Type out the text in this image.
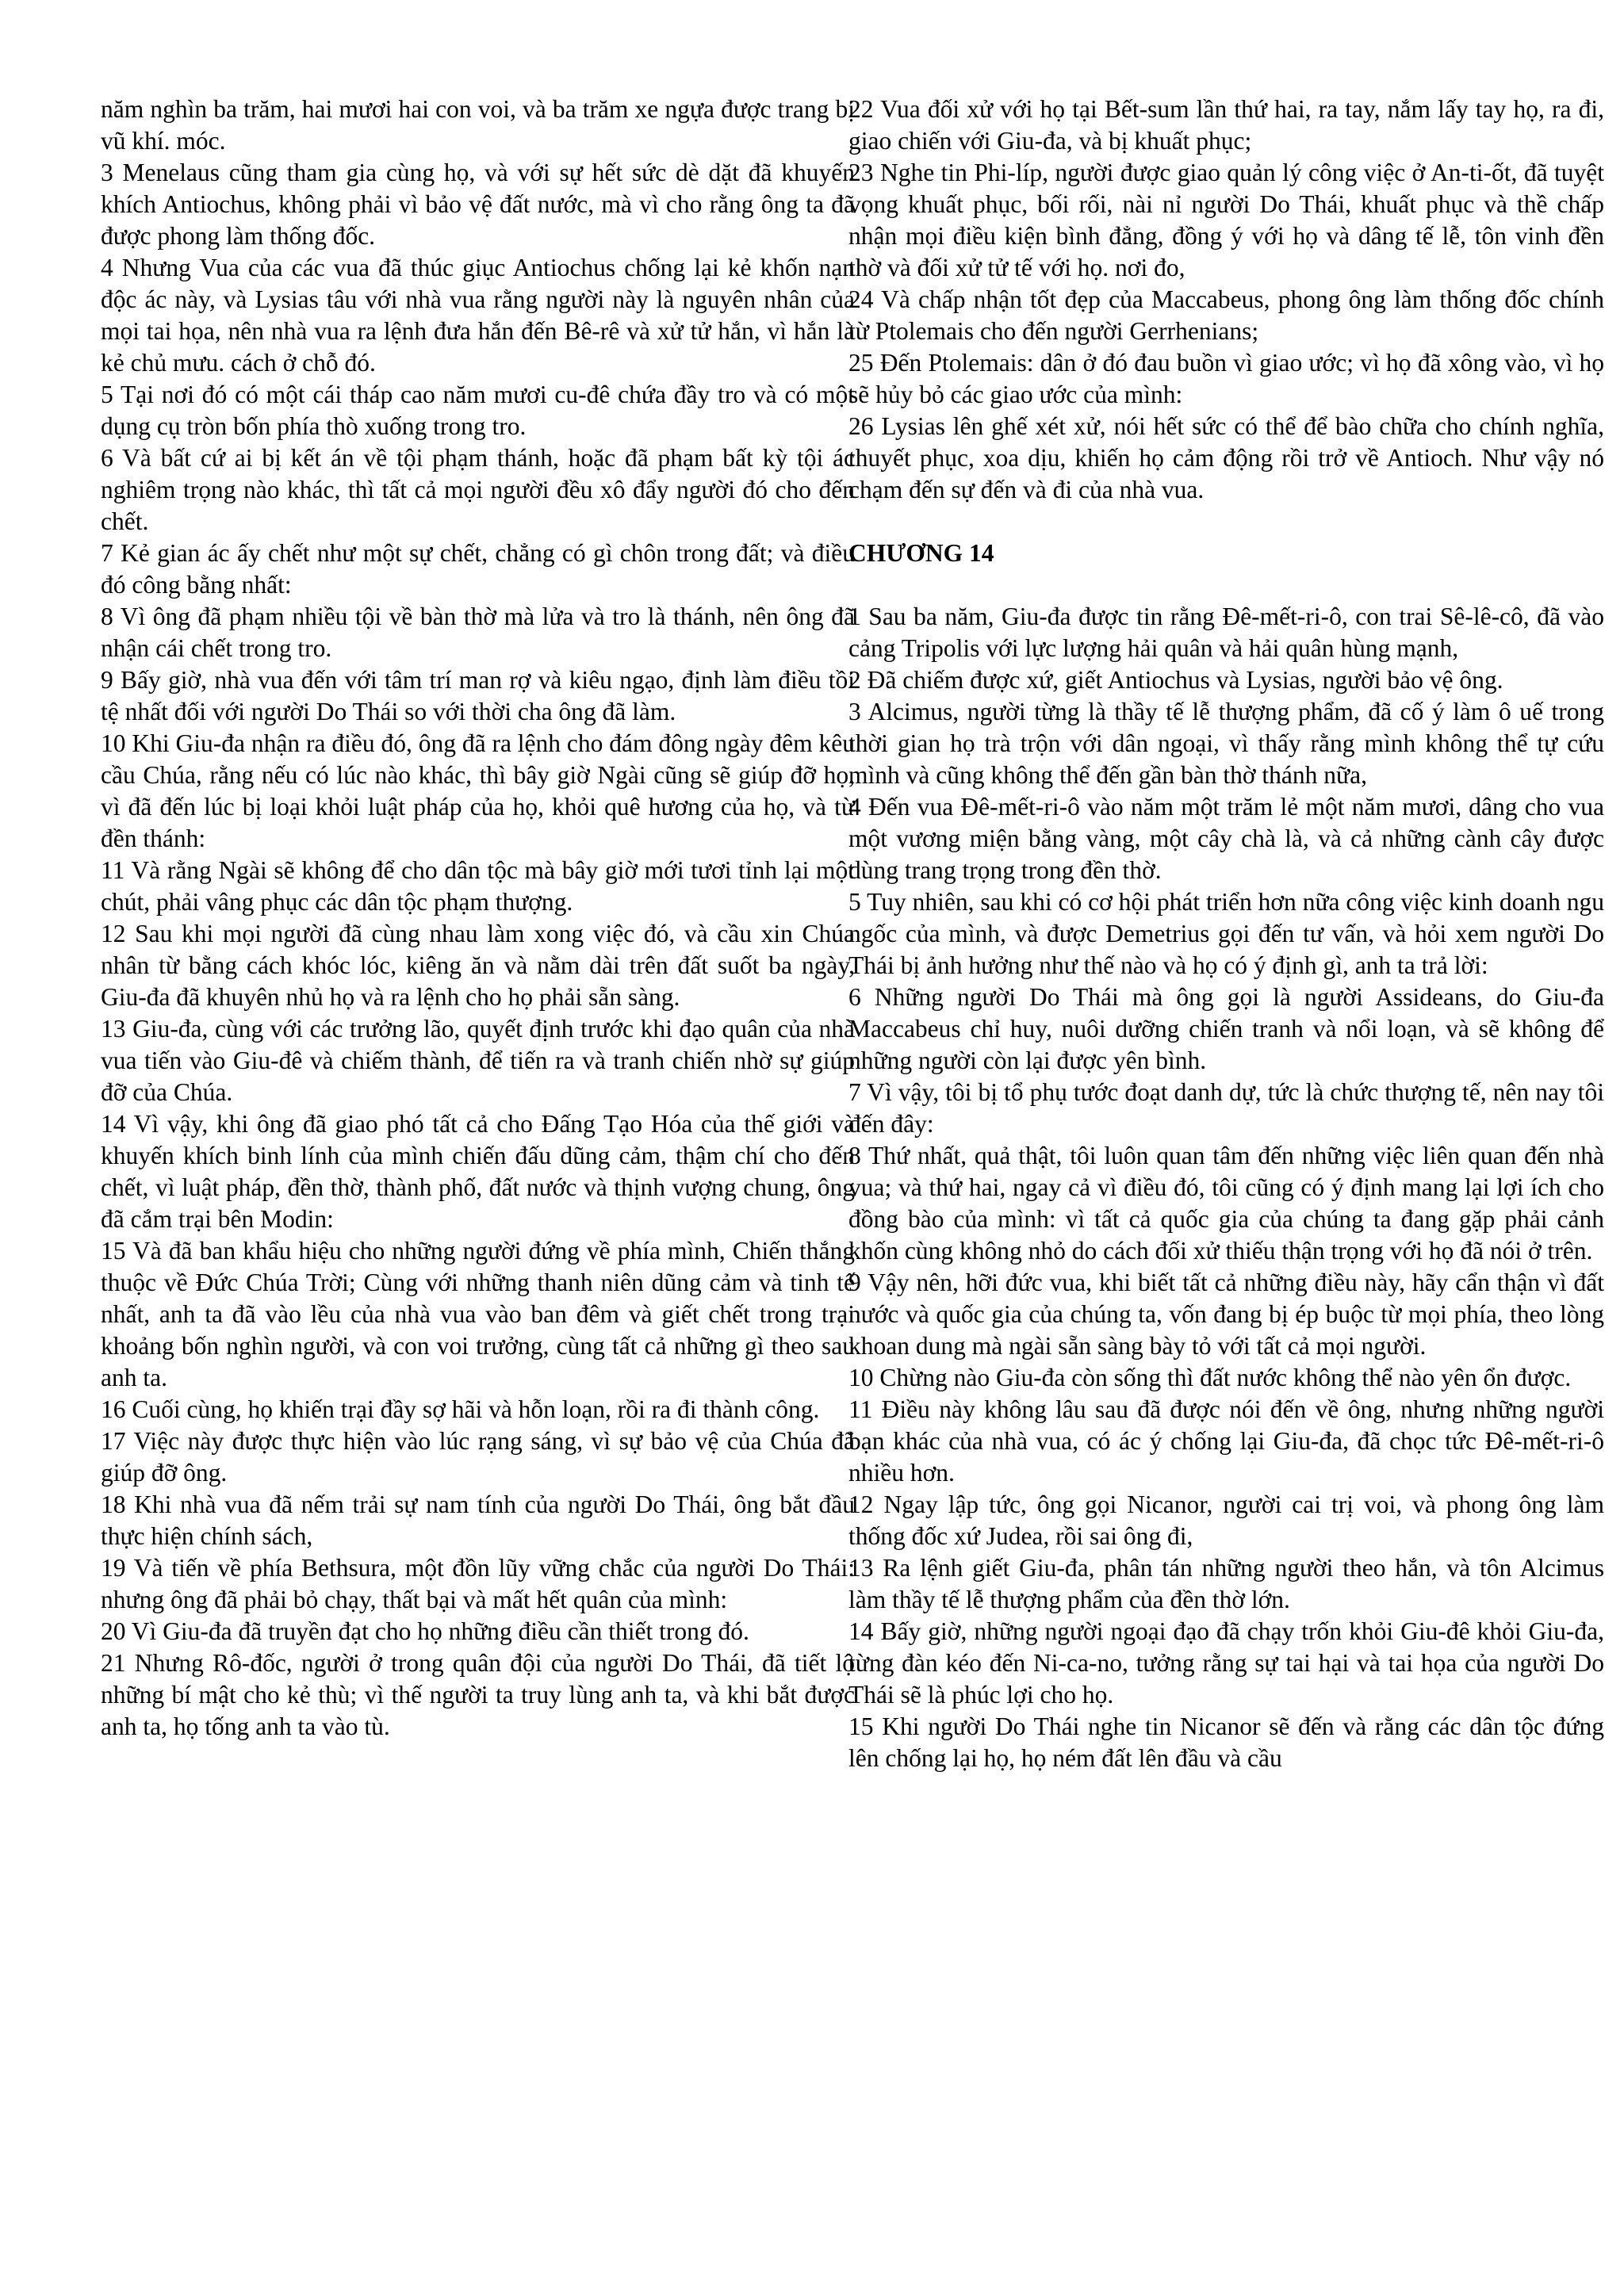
năm nghìn ba trăm, hai mươi hai con voi, và ba trăm xe ngựa được trang bị vũ khí. móc.

3 Menelaus cũng tham gia cùng họ, và với sự hết sức dè dặt đã khuyến khích Antiochus, không phải vì bảo vệ đất nước, mà vì cho rằng ông ta đã được phong làm thống đốc.

4 Nhưng Vua của các vua đã thúc giục Antiochus chống lại kẻ khốn nạn độc ác này, và Lysias tâu với nhà vua rằng người này là nguyên nhân của mọi tai họa, nên nhà vua ra lệnh đưa hắn đến Bê-rê và xử tử hắn, vì hắn là kẻ chủ mưu. cách ở chỗ đó.

5 Tại nơi đó có một cái tháp cao năm mươi cu-đê chứa đầy tro và có một dụng cụ tròn bốn phía thò xuống trong tro.

6 Và bất cứ ai bị kết án về tội phạm thánh, hoặc đã phạm bất kỳ tội ác nghiêm trọng nào khác, thì tất cả mọi người đều xô đẩy người đó cho đến chết.

7 Kẻ gian ác ấy chết như một sự chết, chẳng có gì chôn trong đất; và điều đó công bằng nhất:

8 Vì ông đã phạm nhiều tội về bàn thờ mà lửa và tro là thánh, nên ông đã nhận cái chết trong tro.

9 Bấy giờ, nhà vua đến với tâm trí man rợ và kiêu ngạo, định làm điều tồi tệ nhất đối với người Do Thái so với thời cha ông đã làm.

10 Khi Giu-đa nhận ra điều đó, ông đã ra lệnh cho đám đông ngày đêm kêu cầu Chúa, rằng nếu có lúc nào khác, thì bây giờ Ngài cũng sẽ giúp đỡ họ, vì đã đến lúc bị loại khỏi luật pháp của họ, khỏi quê hương của họ, và từ đền thánh:

11 Và rằng Ngài sẽ không để cho dân tộc mà bây giờ mới tươi tỉnh lại một chút, phải vâng phục các dân tộc phạm thượng.

12 Sau khi mọi người đã cùng nhau làm xong việc đó, và cầu xin Chúa nhân từ bằng cách khóc lóc, kiêng ăn và nằm dài trên đất suốt ba ngày, Giu-đa đã khuyên nhủ họ và ra lệnh cho họ phải sẵn sàng.

13 Giu-đa, cùng với các trưởng lão, quyết định trước khi đạo quân của nhà vua tiến vào Giu-đê và chiếm thành, để tiến ra và tranh chiến nhờ sự giúp đỡ của Chúa.

14 Vì vậy, khi ông đã giao phó tất cả cho Đấng Tạo Hóa của thế giới và khuyến khích binh lính của mình chiến đấu dũng cảm, thậm chí cho đến chết, vì luật pháp, đền thờ, thành phố, đất nước và thịnh vượng chung, ông đã cắm trại bên Modin:

15 Và đã ban khẩu hiệu cho những người đứng về phía mình, Chiến thắng thuộc về Đức Chúa Trời; Cùng với những thanh niên dũng cảm và tinh tế nhất, anh ta đã vào lều của nhà vua vào ban đêm và giết chết trong trại khoảng bốn nghìn người, và con voi trưởng, cùng tất cả những gì theo sau anh ta.

16 Cuối cùng, họ khiến trại đầy sợ hãi và hỗn loạn, rồi ra đi thành công.

17 Việc này được thực hiện vào lúc rạng sáng, vì sự bảo vệ của Chúa đã giúp đỡ ông.

18 Khi nhà vua đã nếm trải sự nam tính của người Do Thái, ông bắt đầu thực hiện chính sách,

19 Và tiến về phía Bethsura, một đồn lũy vững chắc của người Do Thái: nhưng ông đã phải bỏ chạy, thất bại và mất hết quân của mình:

20 Vì Giu-đa đã truyền đạt cho họ những điều cần thiết trong đó.

21 Nhưng Rô-đốc, người ở trong quân đội của người Do Thái, đã tiết lộ những bí mật cho kẻ thù; vì thế người ta truy lùng anh ta, và khi bắt được anh ta, họ tống anh ta vào tù.

22 Vua đối xử với họ tại Bết-sum lần thứ hai, ra tay, nắm lấy tay họ, ra đi, giao chiến với Giu-đa, và bị khuất phục;

23 Nghe tin Phi-líp, người được giao quản lý công việc ở An-ti-ốt, đã tuyệt vọng khuất phục, bối rối, nài nỉ người Do Thái, khuất phục và thề chấp nhận mọi điều kiện bình đẳng, đồng ý với họ và dâng tế lễ, tôn vinh đền thờ và đối xử tử tế với họ. nơi đo,

24 Và chấp nhận tốt đẹp của Maccabeus, phong ông làm thống đốc chính từ Ptolemais cho đến người Gerrhenians;

25 Đến Ptolemais: dân ở đó đau buồn vì giao ước; vì họ đã xông vào, vì họ sẽ hủy bỏ các giao ước của mình:

26 Lysias lên ghế xét xử, nói hết sức có thể để bào chữa cho chính nghĩa, thuyết phục, xoa dịu, khiến họ cảm động rồi trở về Antioch. Như vậy nó chạm đến sự đến và đi của nhà vua.

CHƯƠNG 14

1 Sau ba năm, Giu-đa được tin rằng Đê-mết-ri-ô, con trai Sê-lê-cô, đã vào cảng Tripolis với lực lượng hải quân và hải quân hùng mạnh,

2 Đã chiếm được xứ, giết Antiochus và Lysias, người bảo vệ ông.

3 Alcimus, người từng là thầy tế lễ thượng phẩm, đã cố ý làm ô uế trong thời gian họ trà trộn với dân ngoại, vì thấy rằng mình không thể tự cứu mình và cũng không thể đến gần bàn thờ thánh nữa,

4 Đến vua Đê-mết-ri-ô vào năm một trăm lẻ một năm mươi, dâng cho vua một vương miện bằng vàng, một cây chà là, và cả những cành cây được dùng trang trọng trong đền thờ.

5 Tuy nhiên, sau khi có cơ hội phát triển hơn nữa công việc kinh doanh ngu ngốc của mình, và được Demetrius gọi đến tư vấn, và hỏi xem người Do Thái bị ảnh hưởng như thế nào và họ có ý định gì, anh ta trả lời:

6 Những người Do Thái mà ông gọi là người Assideans, do Giu-đa Maccabeus chỉ huy, nuôi dưỡng chiến tranh và nổi loạn, và sẽ không để những người còn lại được yên bình.

7 Vì vậy, tôi bị tổ phụ tước đoạt danh dự, tức là chức thượng tế, nên nay tôi đến đây:

8 Thứ nhất, quả thật, tôi luôn quan tâm đến những việc liên quan đến nhà vua; và thứ hai, ngay cả vì điều đó, tôi cũng có ý định mang lại lợi ích cho đồng bào của mình: vì tất cả quốc gia của chúng ta đang gặp phải cảnh khốn cùng không nhỏ do cách đối xử thiếu thận trọng với họ đã nói ở trên.

9 Vậy nên, hỡi đức vua, khi biết tất cả những điều này, hãy cẩn thận vì đất nước và quốc gia của chúng ta, vốn đang bị ép buộc từ mọi phía, theo lòng khoan dung mà ngài sẵn sàng bày tỏ với tất cả mọi người.

10 Chừng nào Giu-đa còn sống thì đất nước không thể nào yên ổn được.

11 Điều này không lâu sau đã được nói đến về ông, nhưng những người bạn khác của nhà vua, có ác ý chống lại Giu-đa, đã chọc tức Đê-mết-ri-ô nhiều hơn.

12 Ngay lập tức, ông gọi Nicanor, người cai trị voi, và phong ông làm thống đốc xứ Judea, rồi sai ông đi,

13 Ra lệnh giết Giu-đa, phân tán những người theo hắn, và tôn Alcimus làm thầy tế lễ thượng phẩm của đền thờ lớn.

14 Bấy giờ, những người ngoại đạo đã chạy trốn khỏi Giu-đê khỏi Giu-đa, từng đàn kéo đến Ni-ca-no, tưởng rằng sự tai hại và tai họa của người Do Thái sẽ là phúc lợi cho họ.

15 Khi người Do Thái nghe tin Nicanor sẽ đến và rằng các dân tộc đứng lên chống lại họ, họ ném đất lên đầu và cầu
